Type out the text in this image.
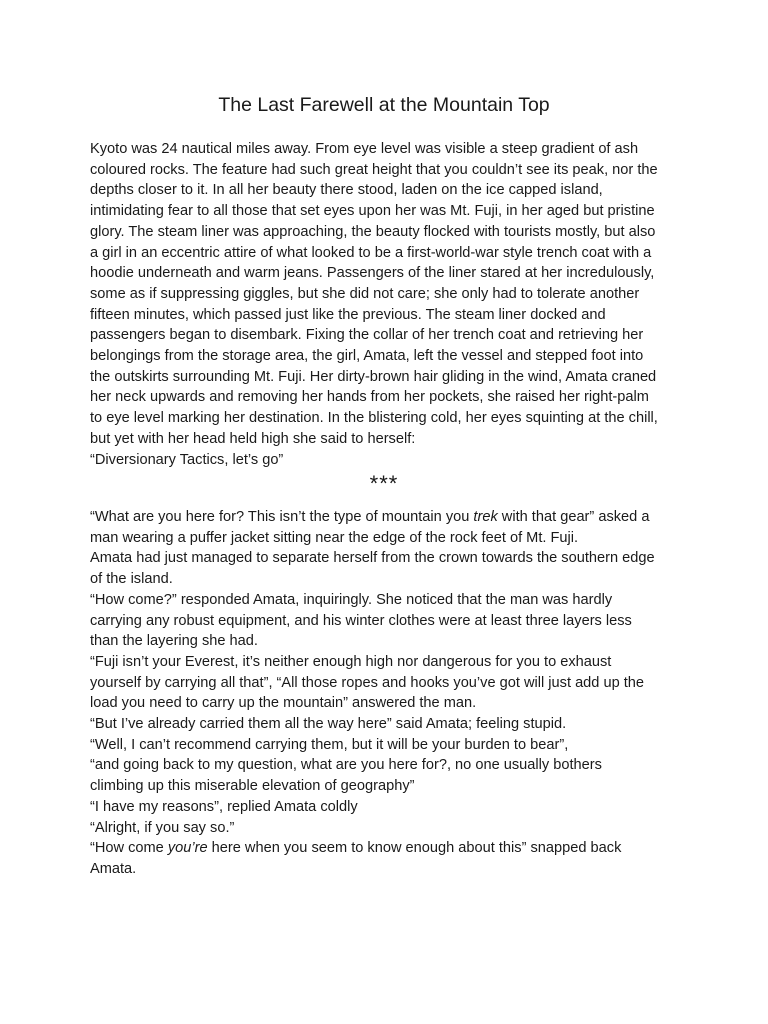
The Last Farewell at the Mountain Top
Kyoto was 24 nautical miles away. From eye level was visible a steep gradient of ash
coloured rocks. The feature had such great height that you couldn’t see its peak, nor the
depths closer to it. In all her beauty there stood, laden on the ice capped island,
intimidating fear to all those that set eyes upon her was Mt. Fuji, in her aged but pristine
glory. The steam liner was approaching, the beauty flocked with tourists mostly, but also
a girl in an eccentric attire of what looked to be a first-world-war style trench coat with a
hoodie underneath and warm jeans. Passengers of the liner stared at her incredulously,
some as if suppressing giggles, but she did not care; she only had to tolerate another
fifteen minutes, which passed just like the previous. The steam liner docked and
passengers began to disembark. Fixing the collar of her trench coat and retrieving her
belongings from the storage area, the girl, Amata, left the vessel and stepped foot into
the outskirts surrounding Mt. Fuji. Her dirty-brown hair gliding in the wind, Amata craned
her neck upwards and removing her hands from her pockets, she raised her right-palm
to eye level marking her destination. In the blistering cold, her eyes squinting at the chill,
but yet with her head held high she said to herself:
“Diversionary Tactics, let’s go”
***
“What are you here for? This isn’t the type of mountain you trek with that gear” asked a
man wearing a puffer jacket sitting near the edge of the rock feet of Mt. Fuji.
Amata had just managed to separate herself from the crown towards the southern edge
of the island.
“How come?” responded Amata, inquiringly. She noticed that the man was hardly
carrying any robust equipment, and his winter clothes were at least three layers less
than the layering she had.
“Fuji isn’t your Everest, it’s neither enough high nor dangerous for you to exhaust
yourself by carrying all that”, “All those ropes and hooks you’ve got will just add up the
load you need to carry up the mountain” answered the man.
“But I’ve already carried them all the way here” said Amata; feeling stupid.
“Well, I can’t recommend carrying them, but it will be your burden to bear”,
“and going back to my question, what are you here for?, no one usually bothers
climbing up this miserable elevation of geography”
“I have my reasons”, replied Amata coldly
“Alright, if you say so.”
“How come you’re here when you seem to know enough about this” snapped back
Amata.
